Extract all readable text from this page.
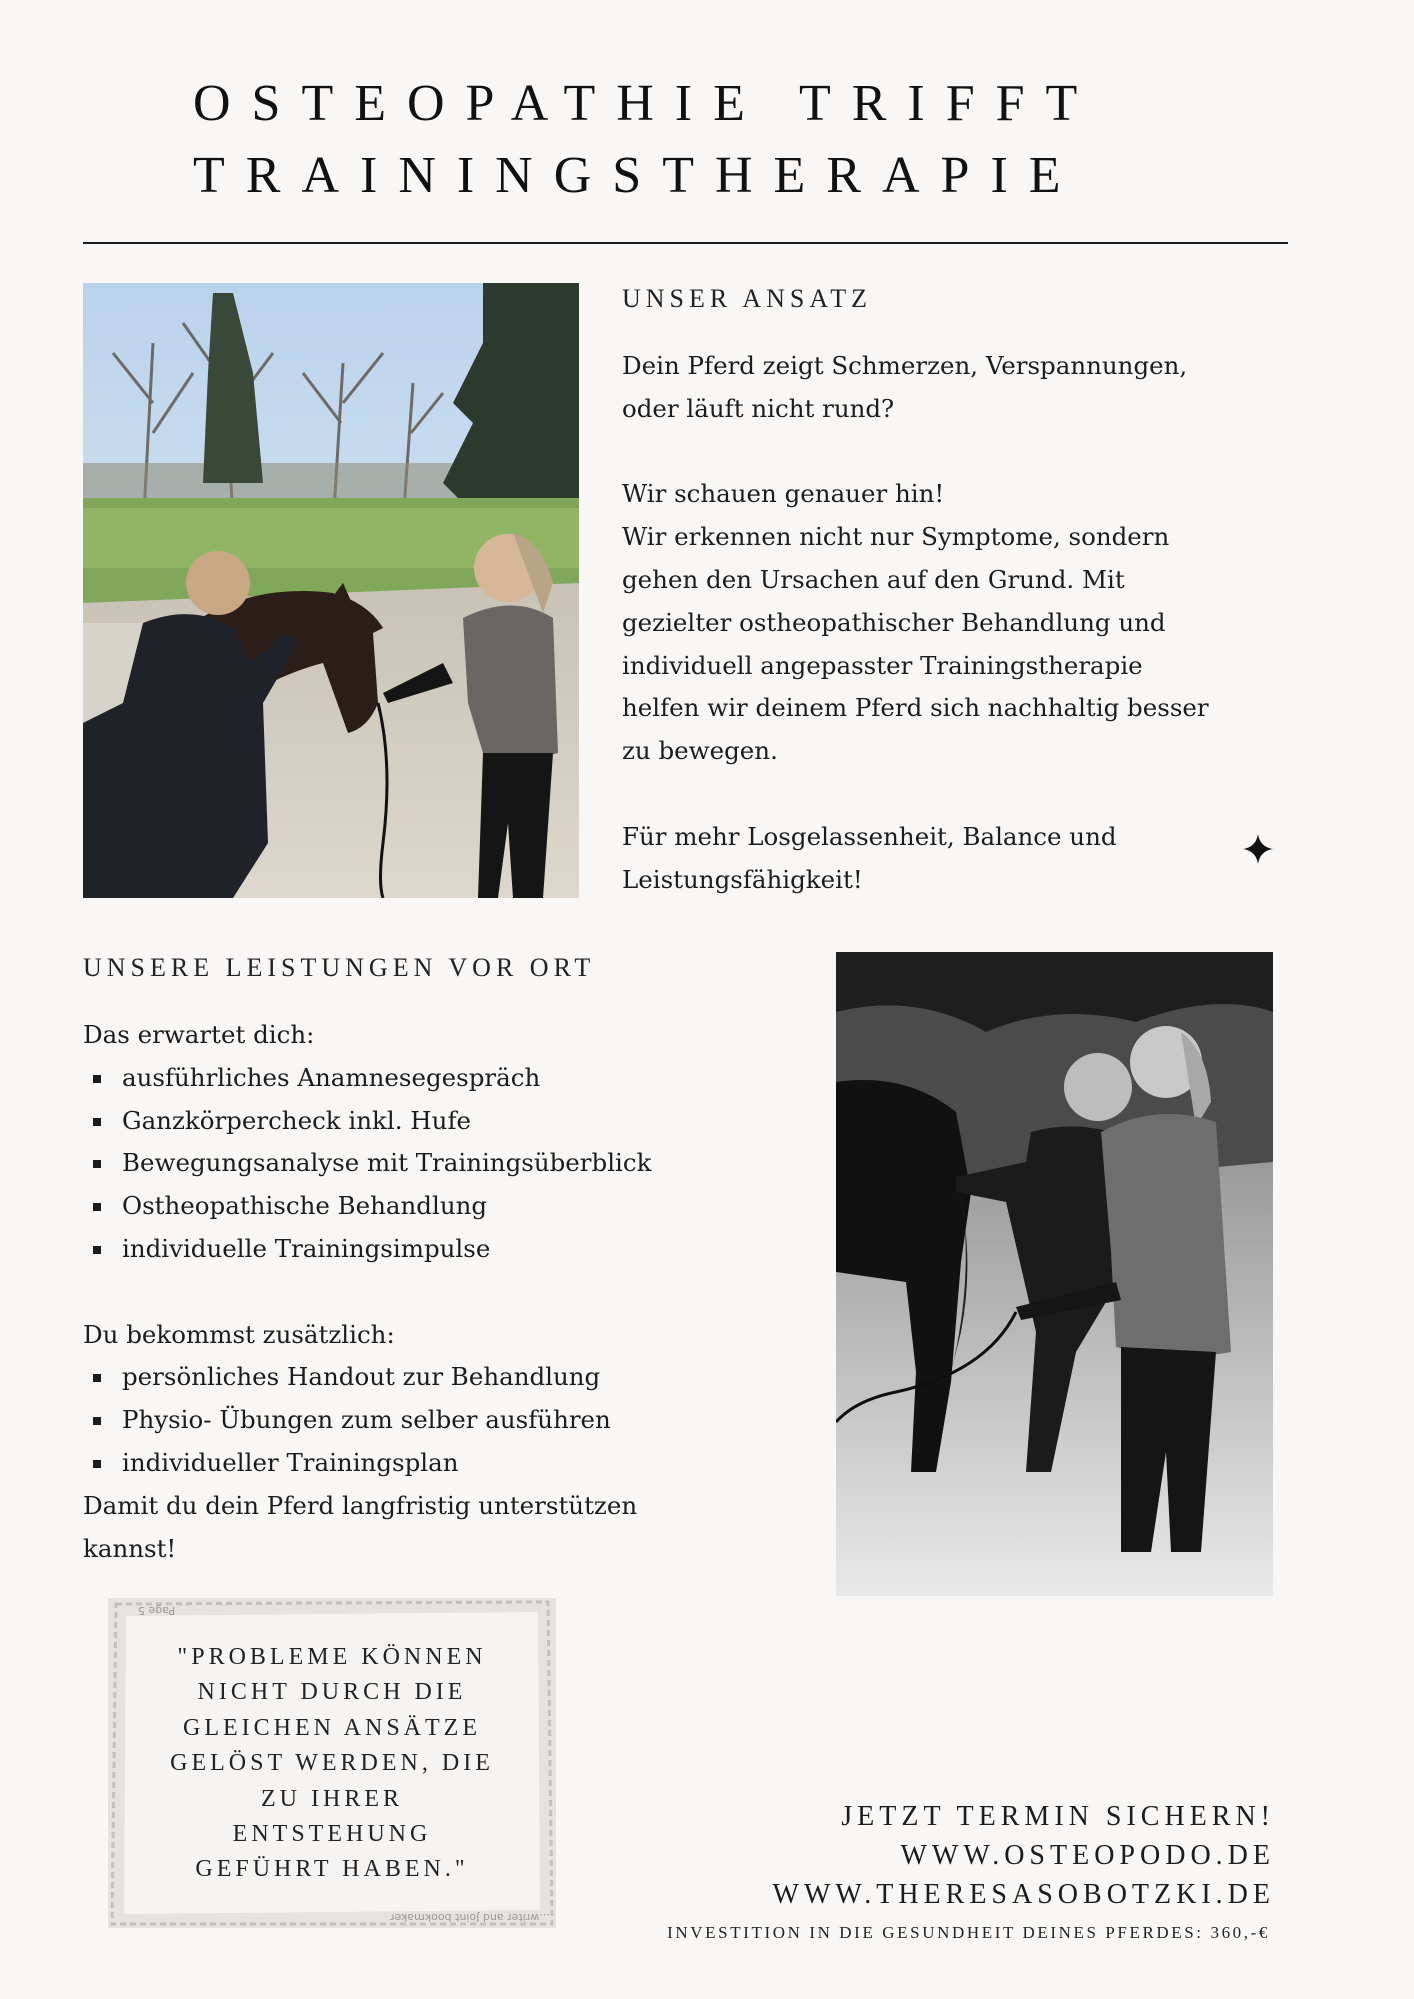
OSTEOPATHIE TRIFFT
TRAININGSTHERAPIE
UNSER ANSATZ

Dein Pferd zeigt Schmerzen, Verspannungen,

oder läuft nicht rund?

Wir schauen genauer hin!

Wir erkennen nicht nur Symptome, sondern

gehen den Ursachen auf den Grund. Mit

gezielter ostheopathischer Behandlung und

individuell angepasster Trainingstherapie

helfen wir deinem Pferd sich nachhaltig besser

zu bewegen.

Für mehr Losgelassenheit, Balance und

Leistungsfähigkeit!

UNSERE LEISTUNGEN VOR ORT

Das erwartet dich:

ausführliches Anamnesegespräch
Ganzkörpercheck inkl. Hufe
Bewegungsanalyse mit Trainingsüberblick
Ostheopathische Behandlung
individuelle Trainingsimpulse

Du bekommst zusätzlich:

persönliches Handout zur Behandlung
Physio- Übungen zum selber ausführen
individueller Trainingsplan

Damit du dein Pferd langfristig unterstützen

kannst!

Page 5
"PROBLEME KÖNNEN
NICHT DURCH DIE
GLEICHEN ANSÄTZE
GELÖST WERDEN, DIE
ZU IHRER
ENTSTEHUNG
GEFÜHRT HABEN."
...writer and Joint bookmaker
JETZT TERMIN SICHERN!
WWW.OSTEOPODO.DE
WWW.THERESASOBOTZKI.DE
INVESTITION IN DIE GESUNDHEIT DEINES PFERDES: 360,-€
